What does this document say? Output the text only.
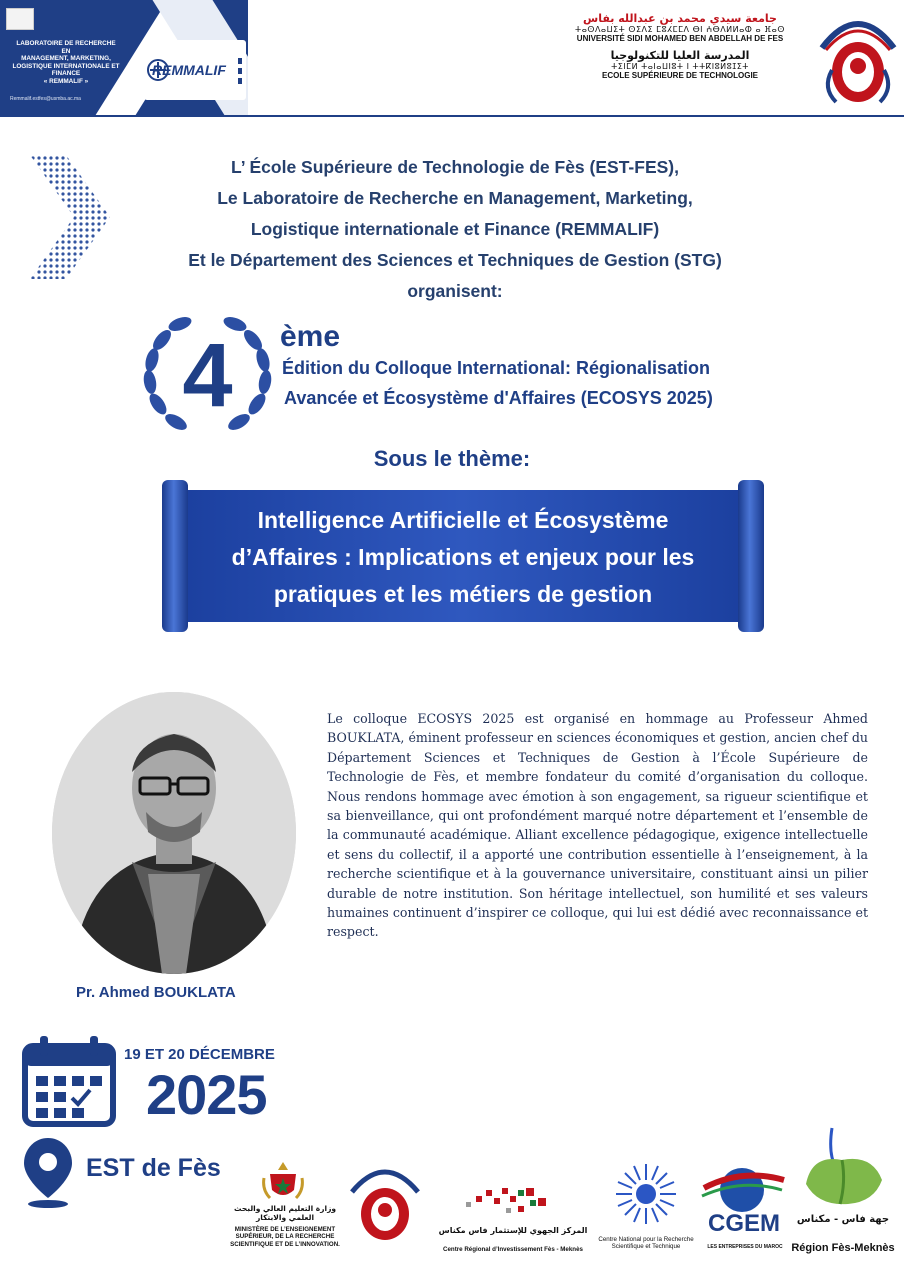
LABORATOIRE DE RECHERCHE EN
MANAGEMENT, MARKETING,
LOGISTIQUE INTERNATIONALE ET
FINANCE
« REMMALIF »
Remmalif.estfes@usmba.ac.ma
REMMALIF
جامعة سيدي محمد بن عبدالله بفاس
ⵜⴰⵙⴷⴰⵡⵉⵜ ⵙⵉⴷⵉ ⵎⵓⵃⵎⵎⴷ ⴱⵏ ⵄⴱⴷⵍⵍⴰⵀ ⴰ ⴼⴰⵙ
UNIVERSITÉ SIDI MOHAMED BEN ABDELLAH DE FES
المدرسة العليا للتكنولوجيا
ⵜⵉⵏⵎⵍ ⵜⴰⵏⴰⵡⵏⵓⵜ ⵏ ⵜⵜⴽⵏⵓⵍⵓⵊⵉⵜ
ECOLE SUPÉRIEURE DE TECHNOLOGIE
L’ École Supérieure de Technologie de Fès (EST-FES),
Le Laboratoire de Recherche en Management, Marketing,
Logistique internationale et Finance (REMMALIF)
Et le Département des Sciences et Techniques de Gestion (STG)
organisent:
4 ème
Édition du Colloque International: Régionalisation
Avancée et Écosystème d'Affaires (ECOSYS 2025)
Sous le thème:
Intelligence Artificielle et Écosystème
d’Affaires : Implications et enjeux pour les
pratiques et les métiers de gestion
Pr. Ahmed BOUKLATA
Le colloque ECOSYS 2025 est organisé en hommage au Professeur Ahmed BOUKLATA, éminent professeur en sciences économiques et gestion, ancien chef du Département Sciences et Techniques de Gestion à l’École Supérieure de Technologie de Fès, et membre fondateur du comité d’organisation du colloque. Nous rendons hommage avec émotion à son engagement, sa rigueur scientifique et sa bienveillance, qui ont profondément marqué notre département et l’ensemble de la communauté académique. Alliant excellence pédagogique, exigence intellectuelle et sens du collectif, il a apporté une contribution essentielle à l’enseignement, à la recherche scientifique et à la gouvernance universitaire, constituant ainsi un pilier durable de notre institution. Son héritage intellectuel, son humilité et ses valeurs humaines continuent d’inspirer ce colloque, qui lui est dédié avec reconnaissance et respect.
19 ET 20 DÉCEMBRE
2025
EST de Fès
وزارة التعليم العالي والبحث العلمي والابتكار
MINISTÈRE DE L’ENSEIGNEMENT SUPÉRIEUR, DE LA RECHERCHE SCIENTIFIQUE ET DE L’INNOVATION.
المركز الجهوي للإستثمار فاس مكناس
Centre Régional d’Investissement Fès - Meknès
Centre National pour la Recherche Scientifique et Technique
CGEM
LES ENTREPRISES DU MAROC
جهة فاس - مكناس
Région Fès-Meknès
